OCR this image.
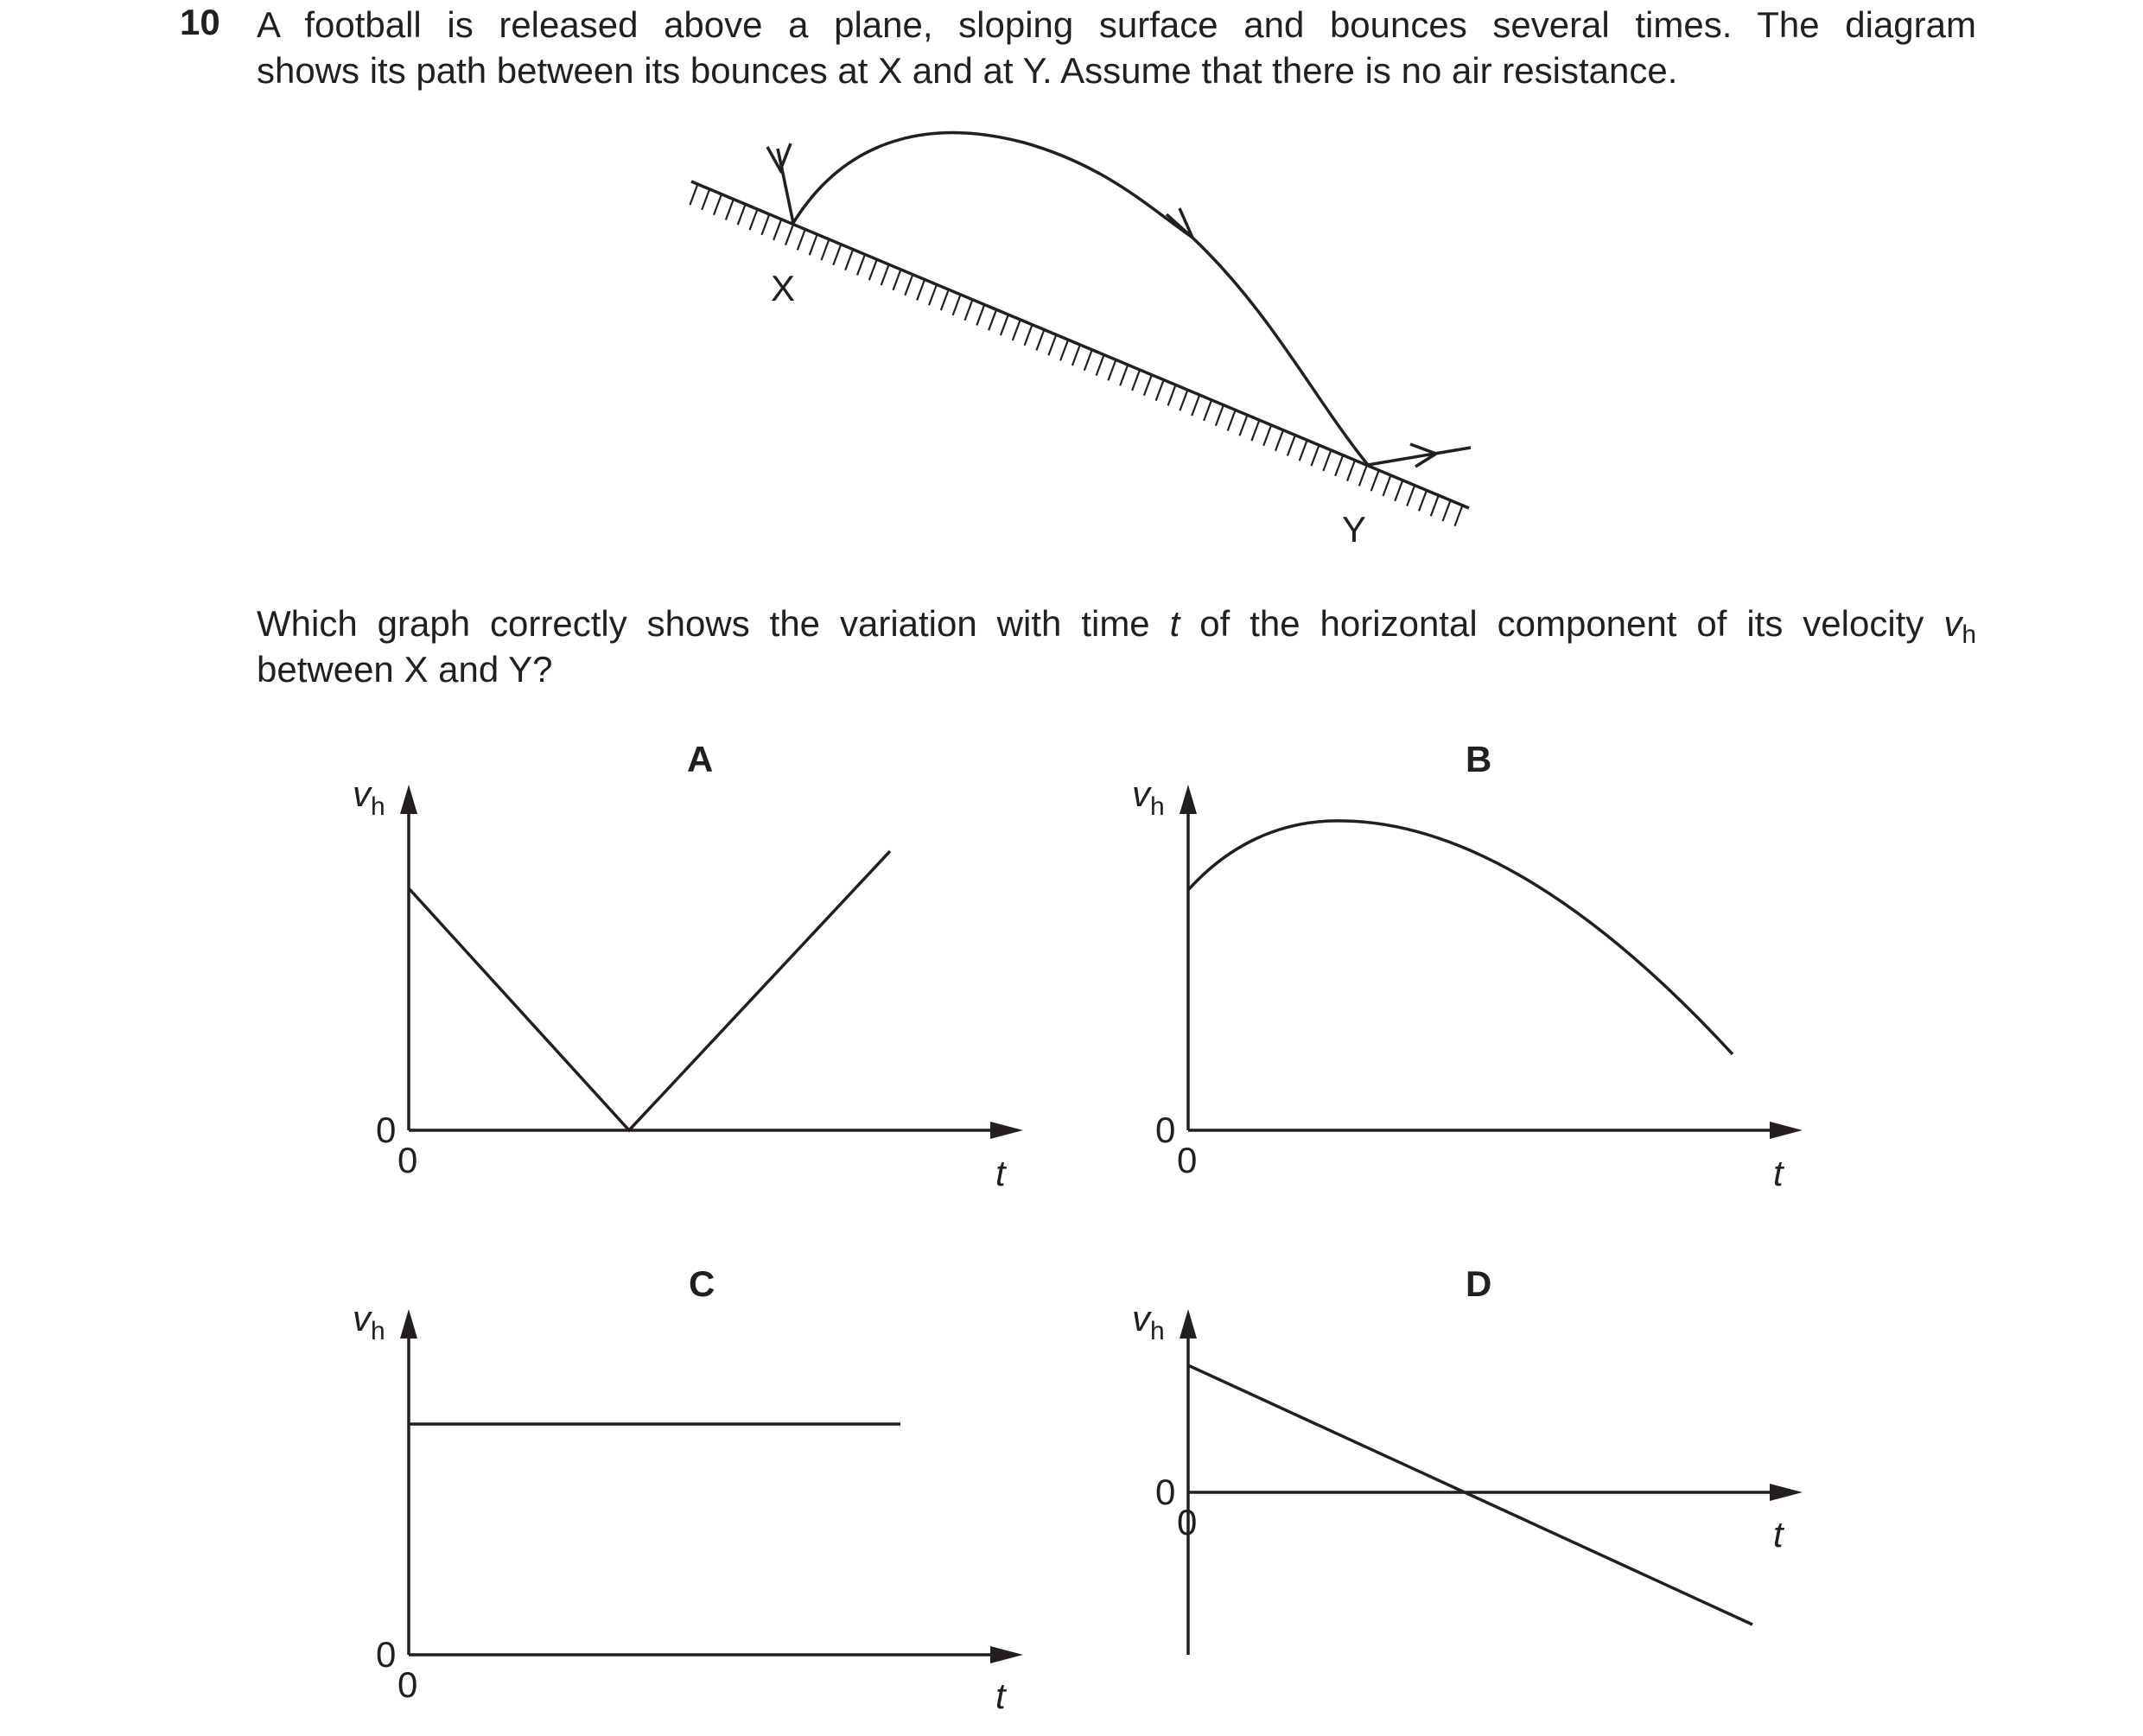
10 A football is released above a plane, sloping surface and bounces several times. The diagram
shows its path between its bounces at X and at Y. Assume that there is no air resistance.
X
Y
A
$v_h$
0
0	t
B
$v_h$
0
0	t
C
$v_h$
0
0	t
D
$v_h$
0
0	t
Which graph correctly shows the variation with time t of the horizontal component of its velocity $v_h$
between X and Y?
